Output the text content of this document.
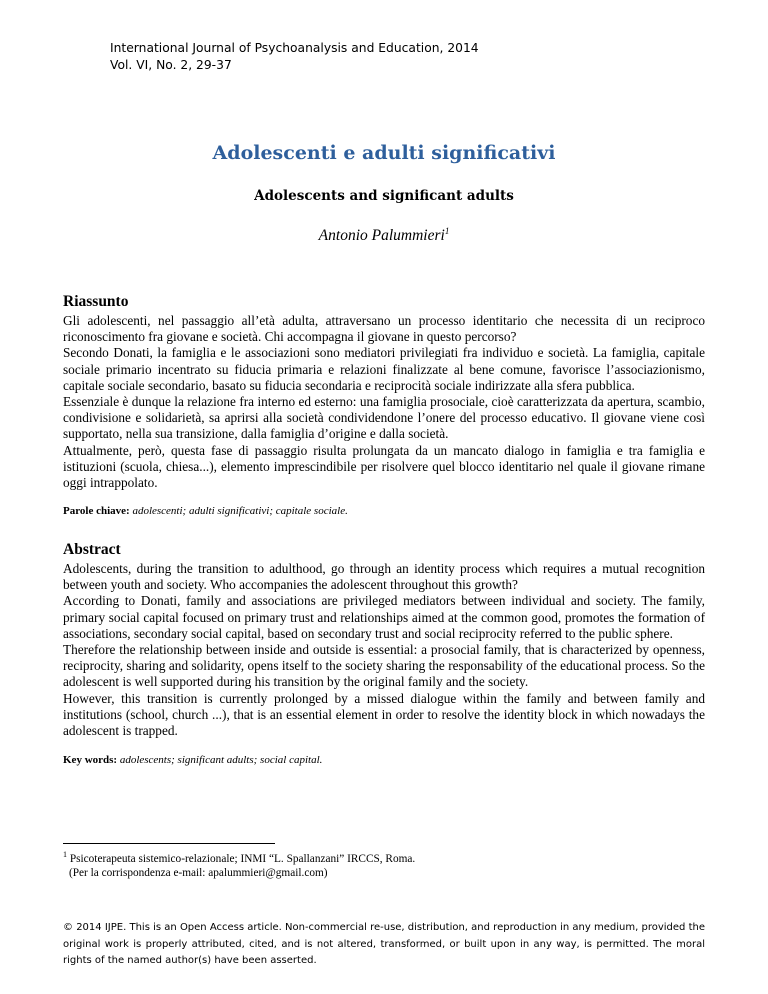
International Journal of Psychoanalysis and Education, 2014
Vol. VI, No. 2, 29-37
Adolescenti e adulti significativi
Adolescents and significant adults
Antonio Palummieri$^1$
Riassunto

Gli adolescenti, nel passaggio all’età adulta, attraversano un processo identitario che necessita di un reciproco riconoscimento fra giovane e società. Chi accompagna il giovane in questo percorso?

Secondo Donati, la famiglia e le associazioni sono mediatori privilegiati fra individuo e società. La famiglia, capitale sociale primario incentrato su fiducia primaria e relazioni finalizzate al bene comune, favorisce l’associazionismo, capitale sociale secondario, basato su fiducia secondaria e reciprocità sociale indirizzate alla sfera pubblica.

Essenziale è dunque la relazione fra interno ed esterno: una famiglia prosociale, cioè caratterizzata da apertura, scambio, condivisione e solidarietà, sa aprirsi alla società condividendone l’onere del processo educativo. Il giovane viene così supportato, nella sua transizione, dalla famiglia d’origine e dalla società.

Attualmente, però, questa fase di passaggio risulta prolungata da un mancato dialogo in famiglia e tra famiglia e istituzioni (scuola, chiesa...), elemento imprescindibile per risolvere quel blocco identitario nel quale il giovane rimane oggi intrappolato.

Parole chiave: adolescenti; adulti significativi; capitale sociale.
Abstract

Adolescents, during the transition to adulthood, go through an identity process which requires a mutual recognition between youth and society. Who accompanies the adolescent throughout this growth?

According to Donati, family and associations are privileged mediators between individual and society. The family, primary social capital focused on primary trust and relationships aimed at the common good, promotes the formation of associations, secondary social capital, based on secondary trust and social reciprocity referred to the public sphere.

Therefore the relationship between inside and outside is essential: a prosocial family, that is characterized by openness, reciprocity, sharing and solidarity, opens itself to the society sharing the responsability of the educational process. So the adolescent is well supported during his transition by the original family and the society.

However, this transition is currently prolonged by a missed dialogue within the family and between family and institutions (school, church ...), that is an essential element in order to resolve the identity block in which nowadays the adolescent is trapped.

Key words: adolescents; significant adults; social capital.
$^1$ Psicoterapeuta sistemico-relazionale; INMI “L. Spallanzani” IRCCS, Roma.
(Per la corrispondenza e-mail: apalummieri@gmail.com)
© 2014 IJPE. This is an Open Access article. Non-commercial re-use, distribution, and reproduction in any medium, provided the original work is properly attributed, cited, and is not altered, transformed, or built upon in any way, is permitted. The moral rights of the named author(s) have been asserted.
